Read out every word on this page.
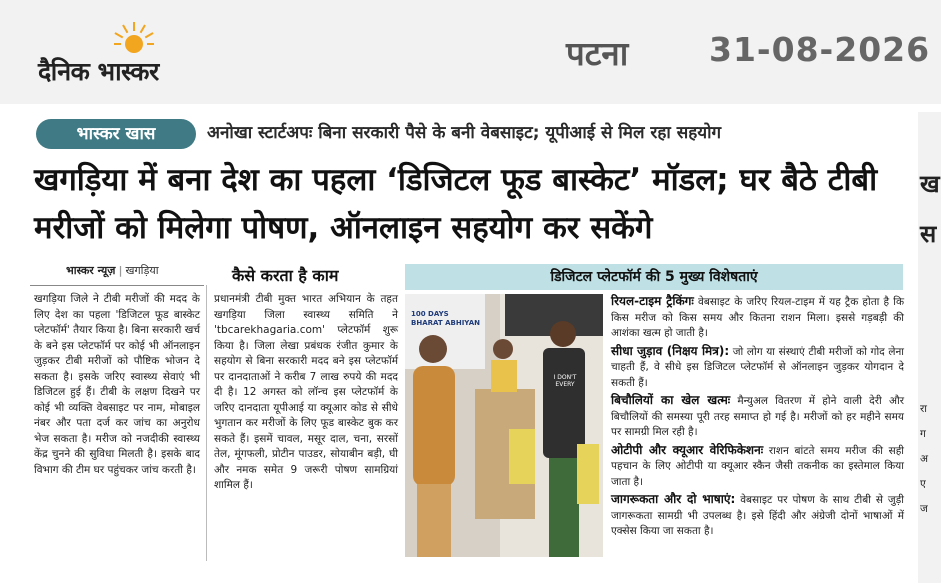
दैनिक भास्कर	पटना 31-08-2026
भास्कर खास	अनोखा स्टार्टअपः बिना सरकारी पैसे के बनी वेबसाइट; यूपीआई से मिल रहा सहयोग
खगड़िया में बना देश का पहला ‘डिजिटल फूड बास्केट’ मॉडल; घर बैठे टीबी मरीजों को मिलेगा पोषण, ऑनलाइन सहयोग कर सकेंगे
भास्कर न्यूज़ | खगड़िया
खगड़िया जिले ने टीबी मरीजों की मदद के लिए देश का पहला 'डिजिटल फूड बास्केट प्लेटफॉर्म' तैयार किया है। बिना सरकारी खर्च के बने इस प्लेटफॉर्म पर कोई भी ऑनलाइन जुड़कर टीबी मरीजों को पौष्टिक भोजन दे सकता है। इसके जरिए स्वास्थ्य सेवाएं भी डिजिटल हुई हैं। टीबी के लक्षण दिखने पर कोई भी व्यक्ति वेबसाइट पर नाम, मोबाइल नंबर और पता दर्ज कर जांच का अनुरोध भेज सकता है। मरीज को नजदीकी स्वास्थ्य केंद्र चुनने की सुविधा मिलती है। इसके बाद विभाग की टीम घर पहुंचकर जांच करती है।
कैसे करता है काम
प्रधानमंत्री टीबी मुक्त भारत अभियान के तहत खगड़िया जिला स्वास्थ्य समिति ने 'tbcarekhagaria.com' प्लेटफॉर्म शुरू किया है। जिला लेखा प्रबंधक रंजीत कुमार के सहयोग से बिना सरकारी मदद बने इस प्लेटफॉर्म पर दानदाताओं ने करीब 7 लाख रुपये की मदद दी है। 12 अगस्त को लॉन्च इस प्लेटफॉर्म के जरिए दानदाता यूपीआई या क्यूआर कोड से सीधे भुगतान कर मरीजों के लिए फूड बास्केट बुक कर सकते हैं। इसमें चावल, मसूर दाल, चना, सरसों तेल, मूंगफली, प्रोटीन पाउडर, सोयाबीन बड़ी, घी और नमक समेत 9 जरूरी पोषण सामग्रियां शामिल हैं।
डिजिटल प्लेटफॉर्म की 5 मुख्य विशेषताएं
100 DAYS BHARAT ABHIYAN
I DON'T EVERY
रियल-टाइम ट्रैकिंगः वेबसाइट के जरिए रियल-टाइम में यह ट्रैक होता है कि किस मरीज को किस समय और कितना राशन मिला। इससे गड़बड़ी की आशंका खत्म हो जाती है।
सीधा जुड़ाव (निक्षय मित्र): जो लोग या संस्थाएं टीबी मरीजों को गोद लेना चाहती हैं, वे सीधे इस डिजिटल प्लेटफॉर्म से ऑनलाइन जुड़कर योगदान दे सकती हैं।
बिचौलियों का खेल खत्मः मैन्युअल वितरण में होने वाली देरी और बिचौलियों की समस्या पूरी तरह समाप्त हो गई है। मरीजों को हर महीने समय पर सामग्री मिल रही है।
ओटीपी और क्यूआर वेरिफिकेशनः राशन बांटते समय मरीज की सही पहचान के लिए ओटीपी या क्यूआर स्कैन जैसी तकनीक का इस्तेमाल किया जाता है।
जागरूकता और दो भाषाएं: वेबसाइट पर पोषण के साथ टीबी से जुड़ी जागरूकता सामग्री भी उपलब्ध है। इसे हिंदी और अंग्रेजी दोनों भाषाओं में एक्सेस किया जा सकता है।
ख
स
रा
ग
अ
ए
ज
